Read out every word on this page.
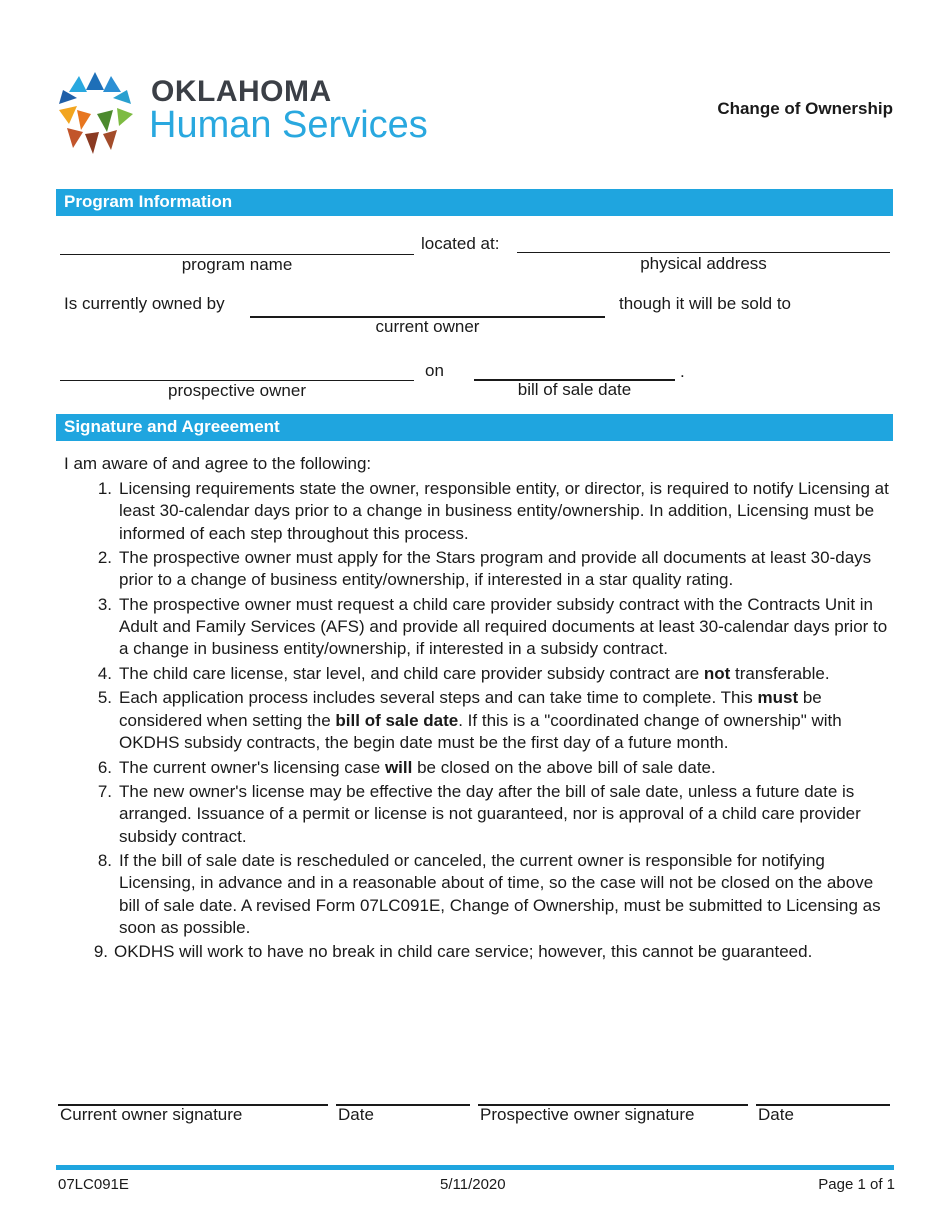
OKLAHOMA
Human Services	Change of Ownership
Program Information
located at:
program name	physical address
Is currently owned by	though it will be sold to
current owner
on	.
prospective owner	bill of sale date
Signature and Agreeement
I am aware of and agree to the following:
1. Licensing requirements state the owner, responsible entity, or director, is required to notify Licensing at least 30-calendar days prior to a change in business entity/ownership. In addition, Licensing must be informed of each step throughout this process.
2. The prospective owner must apply for the Stars program and provide all documents at least 30-days prior to a change of business entity/ownership, if interested in a star quality rating.
3. The prospective owner must request a child care provider subsidy contract with the Contracts Unit in Adult and Family Services (AFS) and provide all required documents at least 30-calendar days prior to a change in business entity/ownership, if interested in a subsidy contract.
4. The child care license, star level, and child care provider subsidy contract are not transferable.
5. Each application process includes several steps and can take time to complete. This must be considered when setting the bill of sale date. If this is a "coordinated change of ownership" with OKDHS subsidy contracts, the begin date must be the first day of a future month.
6. The current owner's licensing case will be closed on the above bill of sale date.
7. The new owner's license may be effective the day after the bill of sale date, unless a future date is arranged. Issuance of a permit or license is not guaranteed, nor is approval of a child care provider subsidy contract.
8. If the bill of sale date is rescheduled or canceled, the current owner is responsible for notifying Licensing, in advance and in a reasonable about of time, so the case will not be closed on the above bill of sale date. A revised Form 07LC091E, Change of Ownership, must be submitted to Licensing as soon as possible.
9. OKDHS will work to have no break in child care service; however, this cannot be guaranteed.
Current owner signature	Date	Prospective owner signature	Date
07LC091E	5/11/2020	Page 1 of 1
